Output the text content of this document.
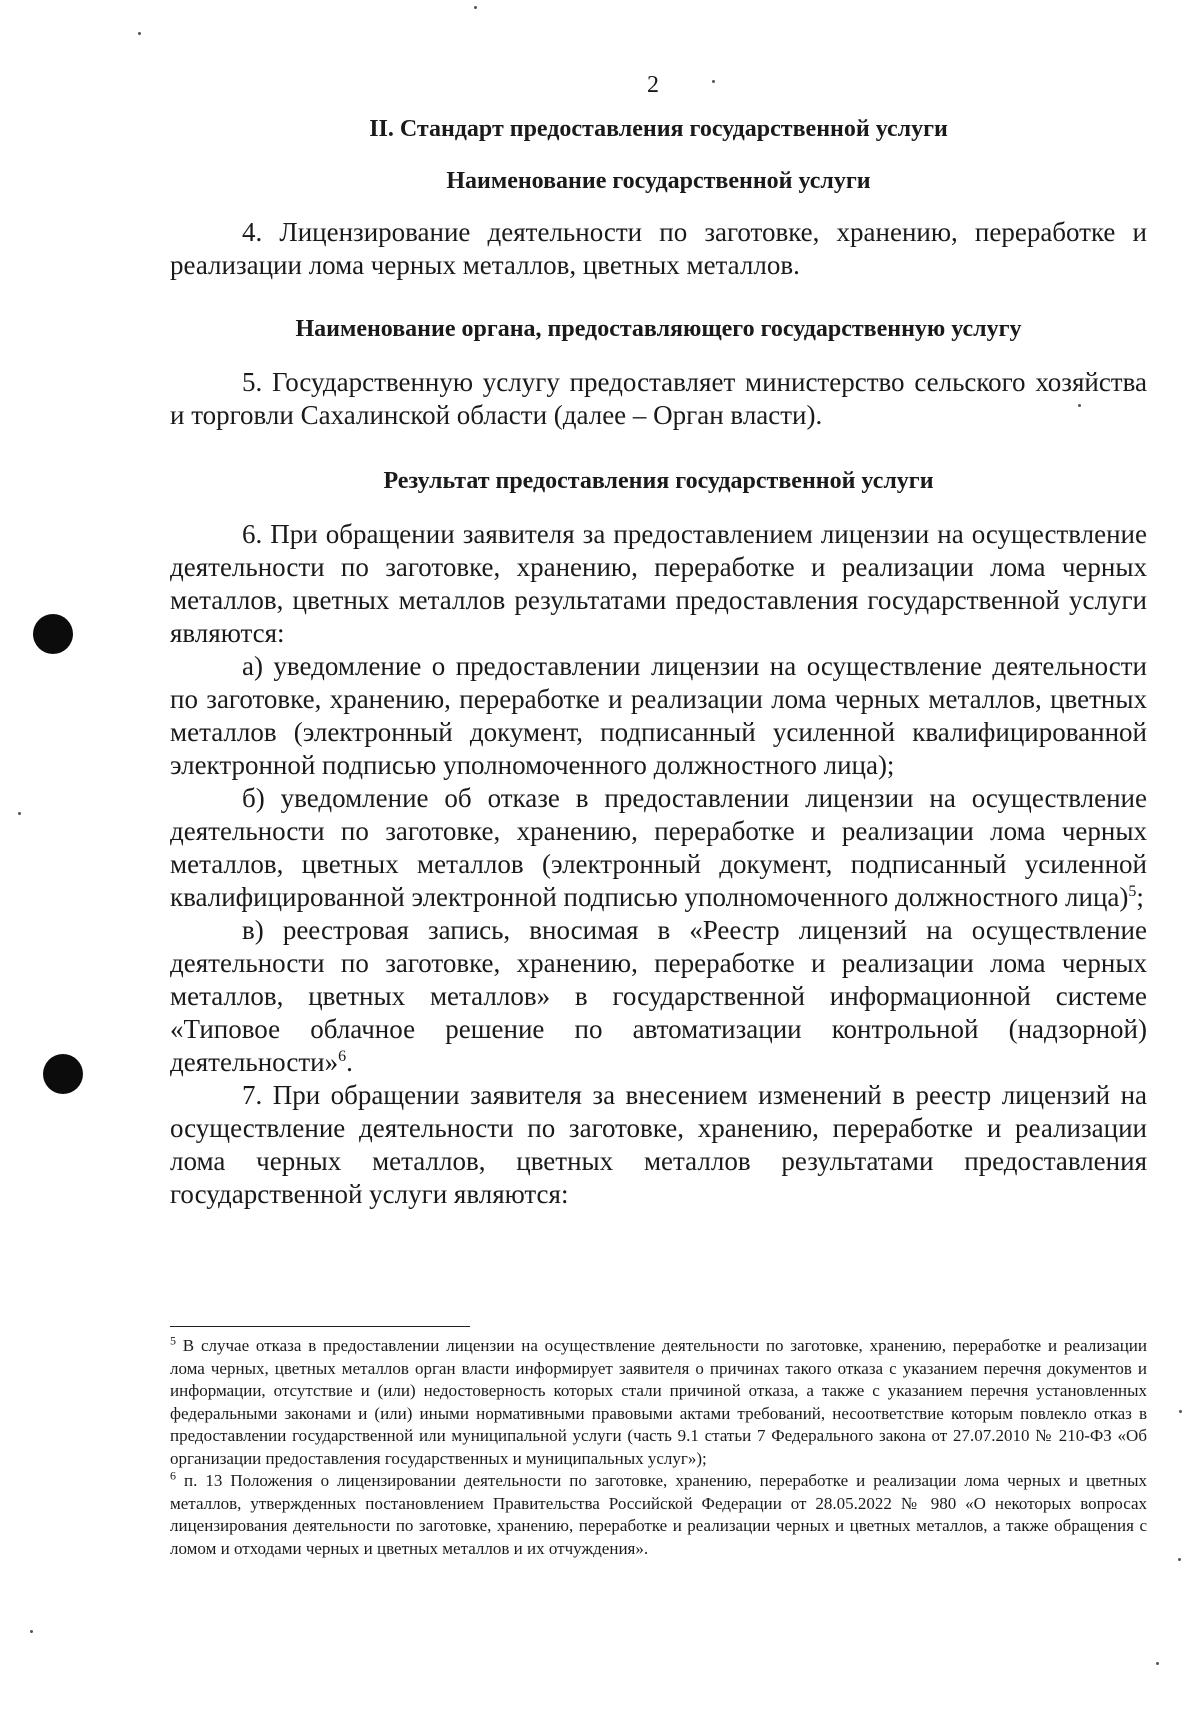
2
II. Стандарт предоставления государственной услуги
Наименование государственной услуги

4. Лицензирование деятельности по заготовке, хранению, переработке и реализации лома черных металлов, цветных металлов.

Наименование органа, предоставляющего государственную услугу

5. Государственную услугу предоставляет министерство сельского хозяйства и торговли Сахалинской области (далее – Орган власти).

Результат предоставления государственной услуги

6. При обращении заявителя за предоставлением лицензии на осуществление деятельности по заготовке, хранению, переработке и реализации лома черных металлов, цветных металлов результатами предоставления государственной услуги являются:

а) уведомление о предоставлении лицензии на осуществление деятельности по заготовке, хранению, переработке и реализации лома черных металлов, цветных металлов (электронный документ, подписанный усиленной квалифицированной электронной подписью уполномоченного должностного лица);

б) уведомление об отказе в предоставлении лицензии на осуществление деятельности по заготовке, хранению, переработке и реализации лома черных металлов, цветных металлов (электронный документ, подписанный усиленной квалифицированной электронной подписью уполномоченного должностного лица)$^5$;

в) реестровая запись, вносимая в «Реестр лицензий на осуществление деятельности по заготовке, хранению, переработке и реализации лома черных металлов, цветных металлов» в государственной информационной системе «Типовое облачное решение по автоматизации контрольной (надзорной) деятельности»$^6$.

7. При обращении заявителя за внесением изменений в реестр лицензий на осуществление деятельности по заготовке, хранению, переработке и реализации лома черных металлов, цветных металлов результатами предоставления государственной услуги являются:

$^5$ В случае отказа в предоставлении лицензии на осуществление деятельности по заготовке, хранению, переработке и реализации лома черных, цветных металлов орган власти информирует заявителя о причинах такого отказа с указанием перечня документов и информации, отсутствие и (или) недостоверность которых стали причиной отказа, а также с указанием перечня установленных федеральными законами и (или) иными нормативными правовыми актами требований, несоответствие которым повлекло отказ в предоставлении государственной или муниципальной услуги (часть 9.1 статьи 7 Федерального закона от 27.07.2010 № 210-ФЗ «Об организации предоставления государственных и муниципальных услуг»);

$^6$ п. 13 Положения о лицензировании деятельности по заготовке, хранению, переработке и реализации лома черных и цветных металлов, утвержденных постановлением Правительства Российской Федерации от 28.05.2022 № 980 «О некоторых вопросах лицензирования деятельности по заготовке, хранению, переработке и реализации черных и цветных металлов, а также обращения с ломом и отходами черных и цветных металлов и их отчуждения».
